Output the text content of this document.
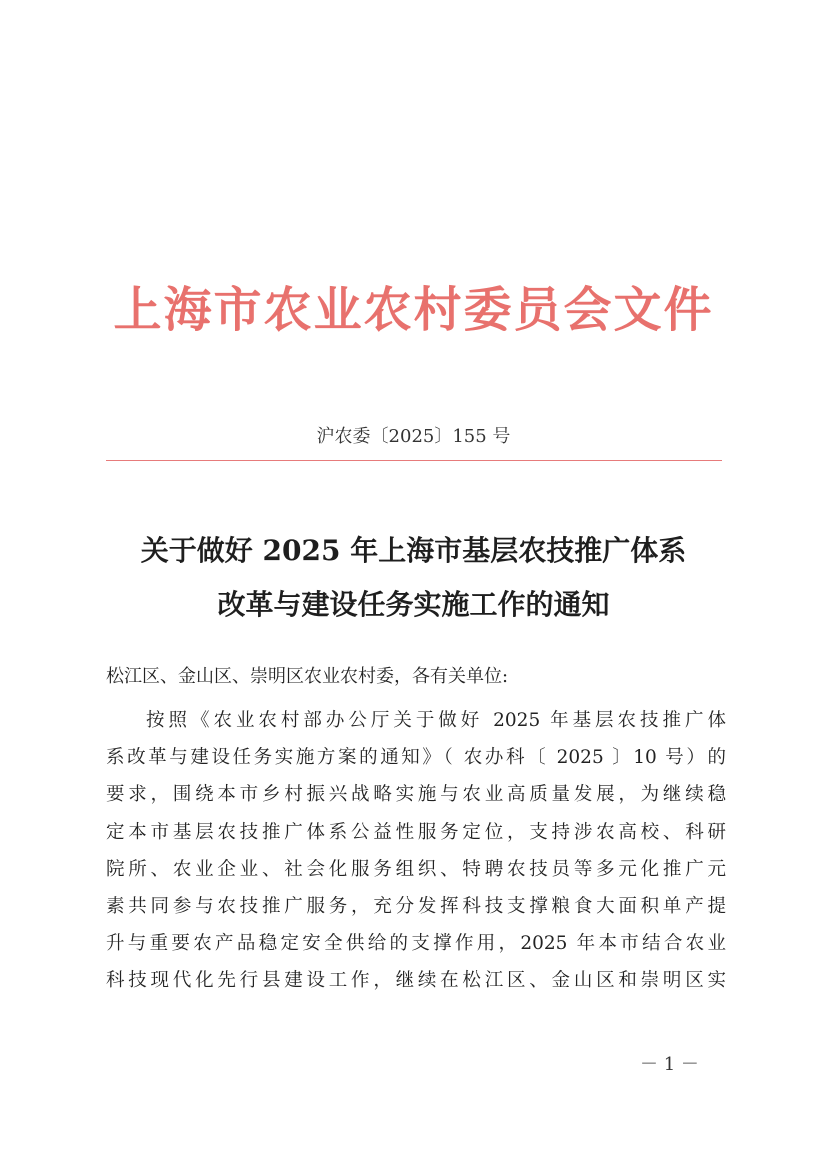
上海市农业农村委员会文件
沪农委〔2025〕155 号
关于做好 2025 年上海市基层农技推广体系
改革与建设任务实施工作的通知
松江区、金山区、崇明区农业农村委，各有关单位:
按照《农业农村部办公厅关于做好 2025 年基层农技推广体
系改革与建设任务实施方案的通知》（ 农办科〔 2025 〕10 号）的
要求，围绕本市乡村振兴战略实施与农业高质量发展，为继续稳
定本市基层农技推广体系公益性服务定位，支持涉农高校、科研
院所、农业企业、社会化服务组织、特聘农技员等多元化推广元
素共同参与农技推广服务，充分发挥科技支撑粮食大面积单产提
升与重要农产品稳定安全供给的支撑作用，2025 年本市结合农业
科技现代化先行县建设工作，继续在松江区、金山区和崇明区实
－ 1 －
